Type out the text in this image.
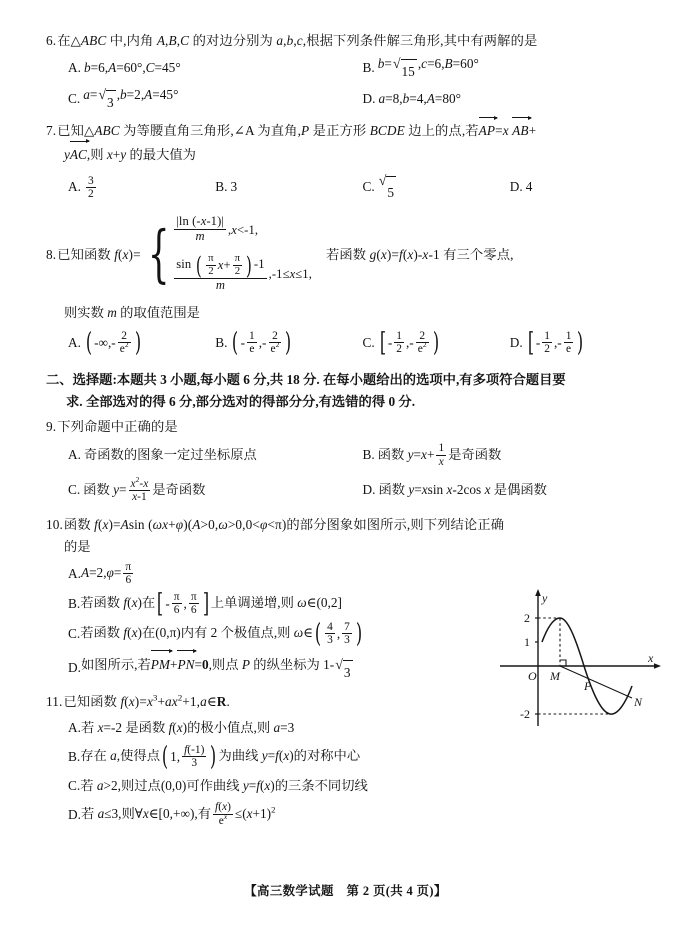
6.在△ABC 中,内角 A,B,C 的对边分别为 a,b,c,根据下列条件解三角形,其中有两解的是
A. b=6,A=60°,C=45°	B. b= √ 15
,c=6,B=60°
C. a= √ 3
,b=2,A=45°	D. a=8,b=4,A=80°
7.已知△ABC 为等腰直角三角形,∠A 为直角,P 是正方形 BCDE 边上的点,若
AP=x AB+
y
AC,则 x+y 的最大值为
A. $\frac{3}{2}$	B. 3	C. √
5	D. 4
8.已知函数 f(x)= { $\frac{|\ln (-x-1)|}{m} ,x<-1$,
$\frac{\sin ( \frac{\pi}{2} x + \frac{\pi}{2} ) -1}{m} ,-1\le x\le 1$,
若函数 g(x)=f(x)-x-1 有三个零点,
则实数 m 的取值范围是
A. ( -∞,- $\frac{2}{e^2}$ )	B. ( - $\frac{1}{e}$ ,- $\frac{2}{e^2}$ )	C. [ - $\frac{1}{2}$ ,- $\frac{2}{e^2}$ )	D. [ - $\frac{1}{2}$ ,- $\frac{1}{e}$ )
二、选择题:本题共 3 小题,每小题 6 分,共 18 分. 在每小题给出的选项中,有多项符合题目要
求. 全部选对的得 6 分,部分选对的得部分分,有选错的得 0 分.
9.下列命题中正确的是
A. 奇函数的图象一定过坐标原点	B. 函数 $y=x+ \frac{1}{x}$ 是奇函数
C. 函数 $y= \frac{x^2-x}{x-1}$ 是奇函数	D. 函数 y=xsin x-2cos x 是偶函数
10.函数 f(x)=Asin (ωx+φ)(A>0,ω>0,0<φ<π)的部分图象如图所示,则下列结论正确
的是
A. $A=2,\varphi= \frac{\pi}{6}$
B. 若函数 f(x)在 [ - $\frac{\pi}{6}$ , $\frac{\pi}{6}$ ] 上单调递增,则 ω∈(0,2]
C. 若函数 f(x)在(0,π)内有 2 个极值点,则 ω∈ ( $\frac{4}{3}$ , $\frac{7}{3}$ )
D. 如图所示,若
PM+
PN=0,则点 P 的纵坐标为 1- √ 3
2
1
-2
y
x
O M
P
N
11.已知函数 $f(x)=x^3+ax^2+1,a\in R$.
A. 若 x=-2 是函数 f(x)的极小值点,则 a=3
B. 存在 a,使得点 ( 1, $\frac{f(-1)}{3}$ ) 为曲线 y=f(x)的对称中心
C. 若 a>2,则过点(0,0)可作曲线 y=f(x)的三条不同切线
D. 若 a≤3,则∀x∈[0,+∞),有 $\frac{f(x)}{e^x} \le(x+1)^2$
【高三数学试题　第 2 页(共 4 页)】
